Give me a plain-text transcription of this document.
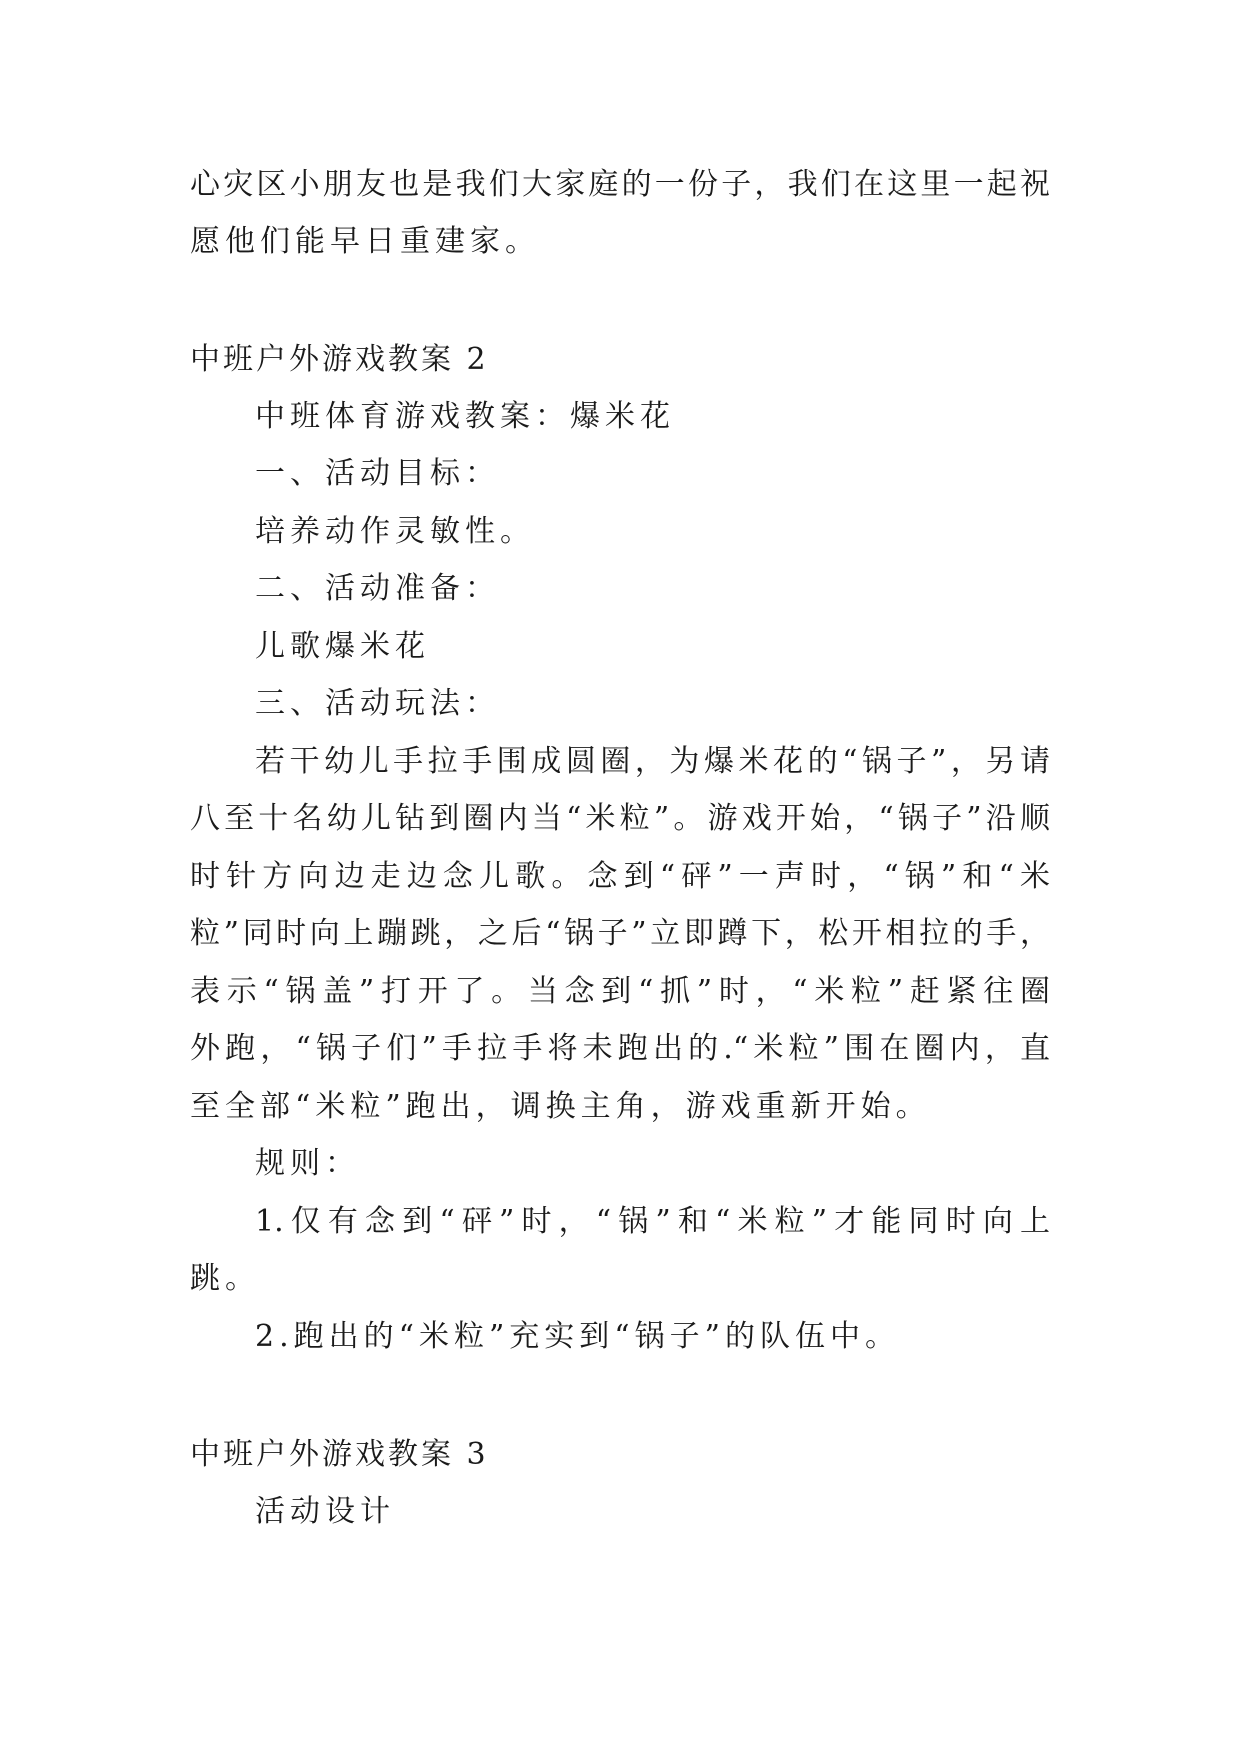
心灾区小朋友也是我们大家庭的一份子，我们在这里一起祝
愿他们能早日重建家。
中班户外游戏教案 2
中班体育游戏教案：爆米花
一、活动目标：
培养动作灵敏性。
二、活动准备：
儿歌爆米花
三、活动玩法：
若干幼儿手拉手围成圆圈，为爆米花的“锅子”，另请
八至十名幼儿钻到圈内当“米粒”。游戏开始，“锅子”沿顺
时针方向边走边念儿歌。念到“砰”一声时，“锅”和“米
粒”同时向上蹦跳，之后“锅子”立即蹲下，松开相拉的手，
表示“锅盖”打开了。当念到“抓”时，“米粒”赶紧往圈
外跑，“锅子们”手拉手将未跑出的.“米粒”围在圈内，直
至全部“米粒”跑出，调换主角，游戏重新开始。
规则：
1.仅有念到“砰”时，“锅”和“米粒”才能同时向上
跳。
2.跑出的“米粒”充实到“锅子”的队伍中。
中班户外游戏教案 3
活动设计
